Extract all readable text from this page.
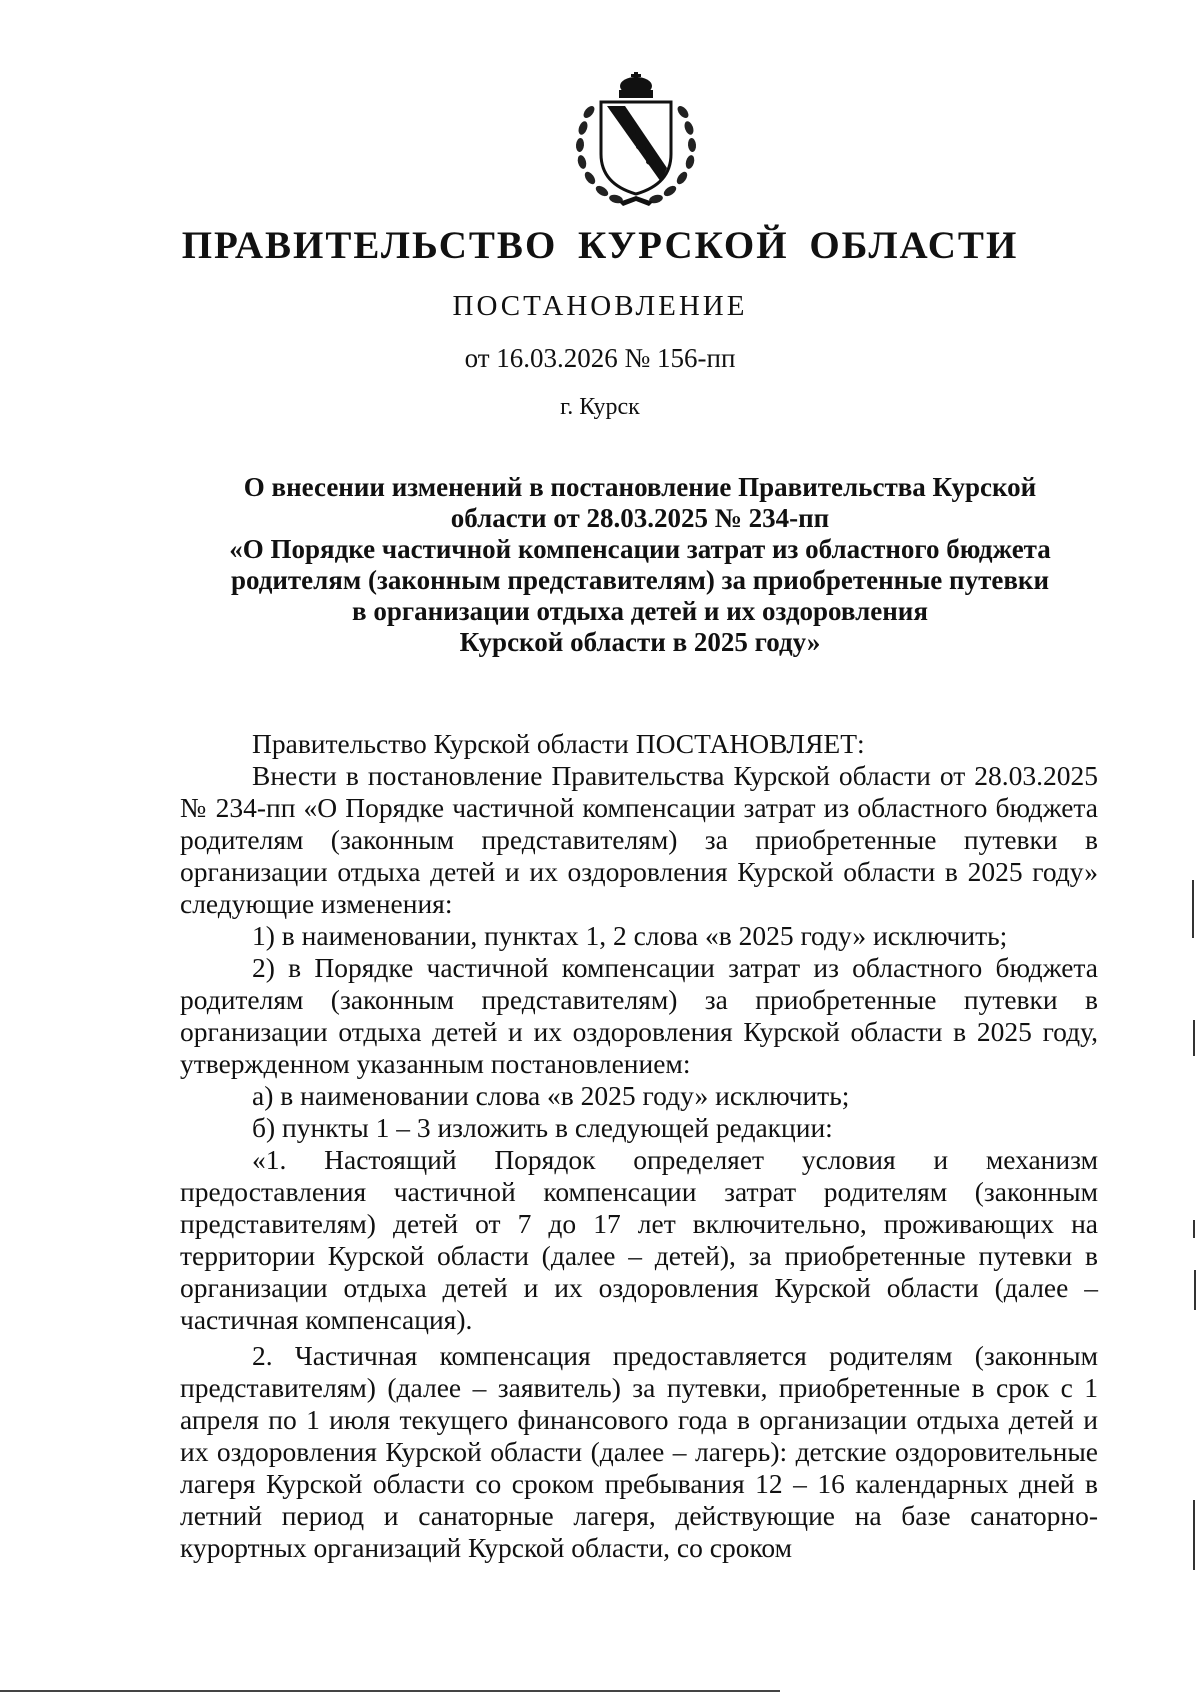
ПРАВИТЕЛЬСТВО КУРСКОЙ ОБЛАСТИ
ПОСТАНОВЛЕНИЕ
от 16.03.2026 № 156-пп
г. Курск
О внесении изменений в постановление Правительства Курской
области от 28.03.2025 № 234-пп
«О Порядке частичной компенсации затрат из областного бюджета
родителям (законным представителям) за приобретенные путевки
в организации отдыха детей и их оздоровления
Курской области в 2025 году»

Правительство Курской области ПОСТАНОВЛЯЕТ:

Внести в постановление Правительства Курской области от 28.03.2025 № 234-пп «О Порядке частичной компенсации затрат из областного бюджета родителям (законным представителям) за приобретенные путевки в организации отдыха детей и их оздоровления Курской области в 2025 году» следующие изменения:

1) в наименовании, пунктах 1, 2 слова «в 2025 году» исключить;

2) в Порядке частичной компенсации затрат из областного бюджета родителям (законным представителям) за приобретенные путевки в организации отдыха детей и их оздоровления Курской области в 2025 году, утвержденном указанным постановлением:

а) в наименовании слова «в 2025 году» исключить;

б) пункты 1 – 3 изложить в следующей редакции:

«1. Настоящий Порядок определяет условия и механизм предоставления частичной компенсации затрат родителям (законным представителям) детей от 7 до 17 лет включительно, проживающих на территории Курской области (далее – детей), за приобретенные путевки в организации отдыха детей и их оздоровления Курской области (далее – частичная компенсация).

2. Частичная компенсация предоставляется родителям (законным представителям) (далее – заявитель) за путевки, приобретенные в срок с 1 апреля по 1 июля текущего финансового года в организации отдыха детей и их оздоровления Курской области (далее – лагерь): детские оздоровительные лагеря Курской области со сроком пребывания 12 – 16 календарных дней в летний период и санаторные лагеря, действующие на базе санаторно-курортных организаций Курской области, со сроком
